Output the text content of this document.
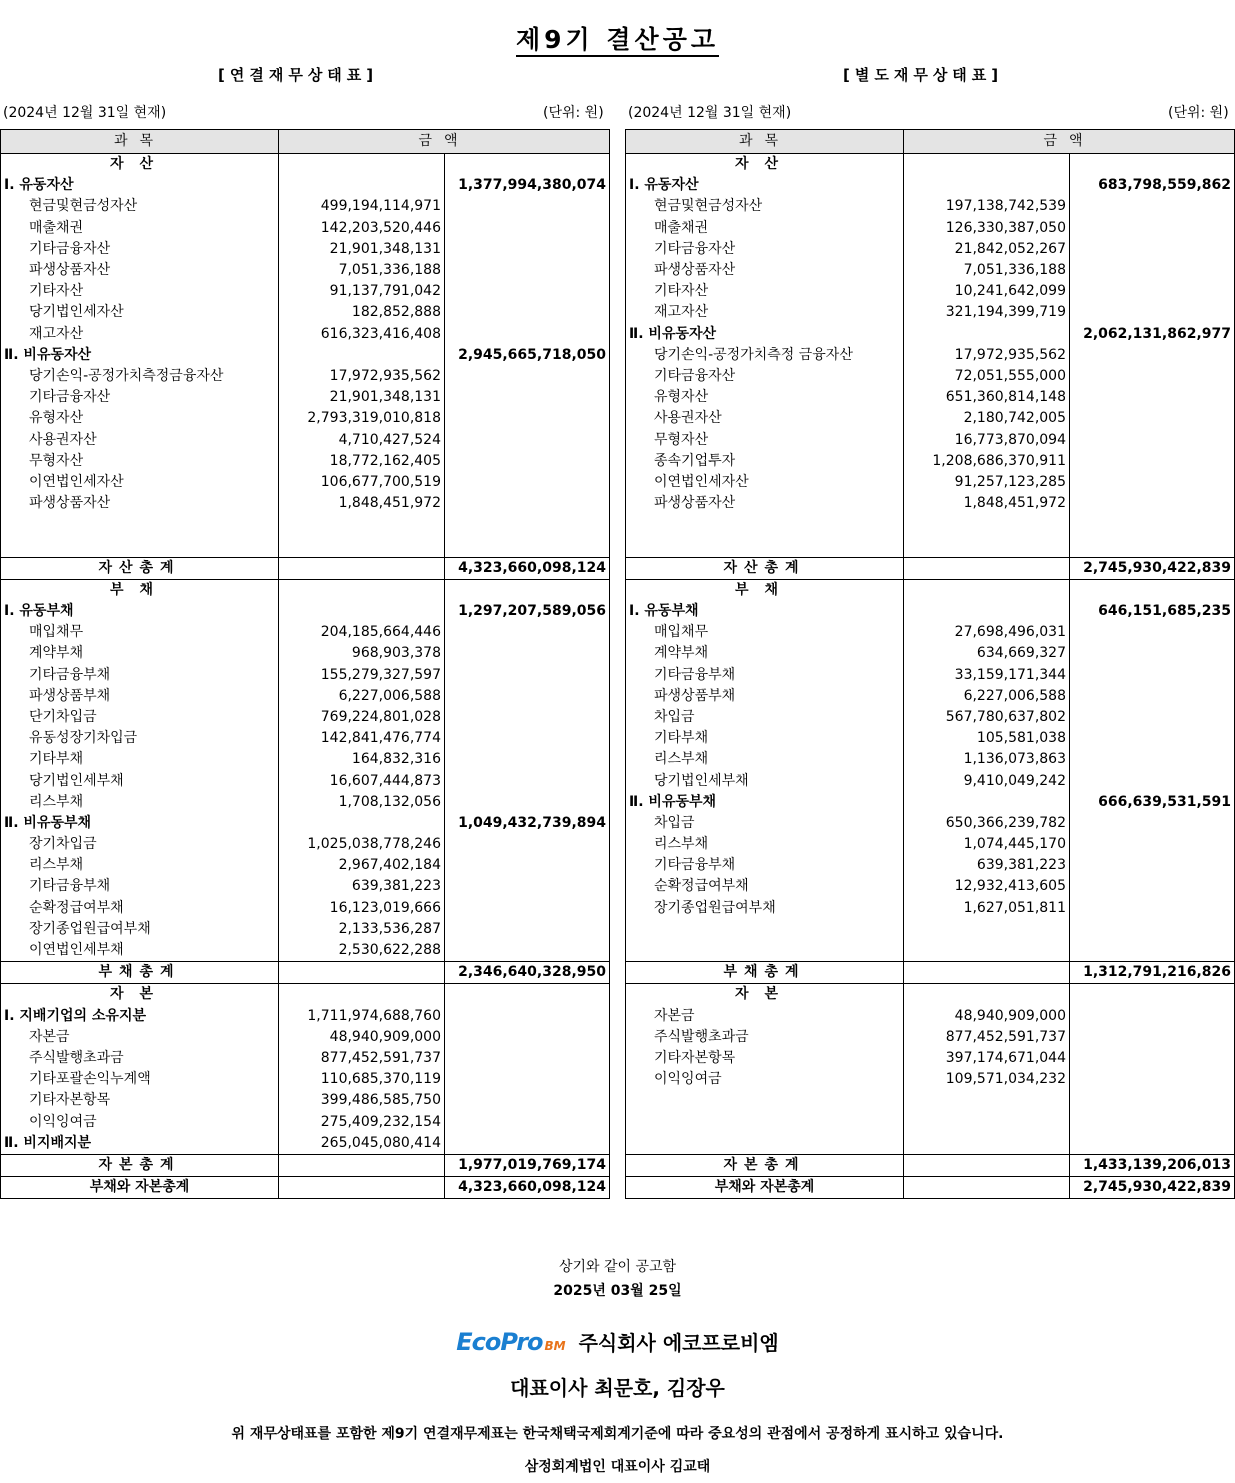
제9기 결산공고
[연결재무상태표]	[별도재무상태표]
(2024년 12월 31일 현재)	(단위: 원) (2024년 12월 31일 현재)	(단위: 원)
과목	금액	
자산		
Ⅰ. 유동자산		1,377,994,380,074
현금및현금성자산	499,194,114,971	
매출채권	142,203,520,446	
기타금융자산	21,901,348,131	
파생상품자산	7,051,336,188	
기타자산	91,137,791,042	
당기법인세자산	182,852,888	
재고자산	616,323,416,408	
Ⅱ. 비유동자산		2,945,665,718,050
당기손익-공정가치측정금융자산	17,972,935,562	
기타금융자산	21,901,348,131	
유형자산	2,793,319,010,818	
사용권자산	4,710,427,524	
무형자산	18,772,162,405	
이연법인세자산	106,677,700,519	
파생상품자산	1,848,451,972	

자산총계		4,323,660,098,124
부채		
Ⅰ. 유동부채		1,297,207,589,056
매입채무	204,185,664,446	
계약부채	968,903,378	
기타금융부채	155,279,327,597	
파생상품부채	6,227,006,588	
단기차입금	769,224,801,028	
유동성장기차입금	142,841,476,774	
기타부채	164,832,316	
당기법인세부채	16,607,444,873	
리스부채	1,708,132,056	
Ⅱ. 비유동부채		1,049,432,739,894
장기차입금	1,025,038,778,246	
리스부채	2,967,402,184	
기타금융부채	639,381,223	
순확정급여부채	16,123,019,666	
장기종업원급여부채	2,133,536,287	
이연법인세부채	2,530,622,288	
부채총계		2,346,640,328,950
자본		
Ⅰ. 지배기업의 소유지분	1,711,974,688,760	
자본금	48,940,909,000	
주식발행초과금	877,452,591,737	
기타포괄손익누계액	110,685,370,119	
기타자본항목	399,486,585,750	
이익잉여금	275,409,232,154	
Ⅱ. 비지배지분	265,045,080,414	
자본총계		1,977,019,769,174
부채와 자본총계		4,323,660,098,124
과목	금액	
자산		
Ⅰ. 유동자산		683,798,559,862
현금및현금성자산	197,138,742,539	
매출채권	126,330,387,050	
기타금융자산	21,842,052,267	
파생상품자산	7,051,336,188	
기타자산	10,241,642,099	
재고자산	321,194,399,719	
Ⅱ. 비유동자산		2,062,131,862,977
당기손익-공정가치측정 금융자산	17,972,935,562	
기타금융자산	72,051,555,000	
유형자산	651,360,814,148	
사용권자산	2,180,742,005	
무형자산	16,773,870,094	
종속기업투자	1,208,686,370,911	
이연법인세자산	91,257,123,285	
파생상품자산	1,848,451,972	

자산총계		2,745,930,422,839
부채		
Ⅰ. 유동부채		646,151,685,235
매입채무	27,698,496,031	
계약부채	634,669,327	
기타금융부채	33,159,171,344	
파생상품부채	6,227,006,588	
차입금	567,780,637,802	
기타부채	105,581,038	
리스부채	1,136,073,863	
당기법인세부채	9,410,049,242	
Ⅱ. 비유동부채		666,639,531,591
차입금	650,366,239,782	
리스부채	1,074,445,170	
기타금융부채	639,381,223	
순확정급여부채	12,932,413,605	
장기종업원급여부채	1,627,051,811	

부채총계		1,312,791,216,826
자본		
자본금	48,940,909,000	
주식발행초과금	877,452,591,737	
기타자본항목	397,174,671,044	
이익잉여금	109,571,034,232	

자본총계		1,433,139,206,013
부채와 자본총계		2,745,930,422,839
상기와 같이 공고함
2025년 03월 25일
EcoPro BM 주식회사 에코프로비엠
대표이사 최문호, 김장우
위 재무상태표를 포함한 제9기 연결재무제표는 한국채택국제회계기준에 따라 중요성의 관점에서 공정하게 표시하고 있습니다.
삼정회계법인 대표이사 김교태
